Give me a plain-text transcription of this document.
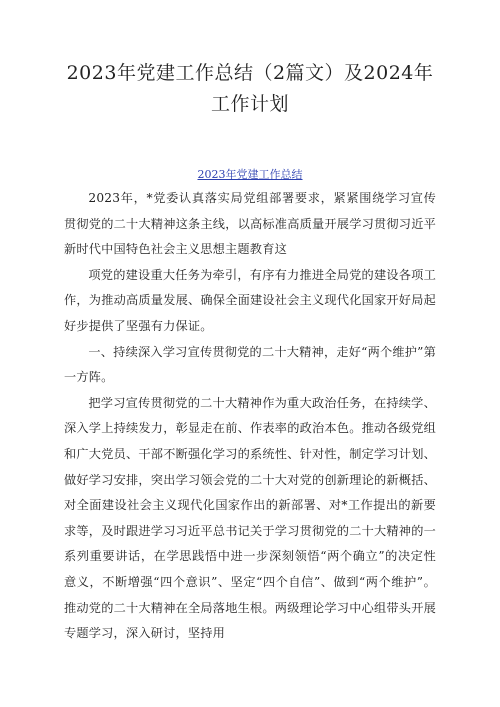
2023年党建工作总结（2篇文）及2024年
工作计划
2023年党建工作总结

2023年，*党委认真落实局党组部署要求，紧紧围绕学习宣传贯彻党的二十大精神这条主线，以高标准高质量开展学习贯彻习近平新时代中国特色社会主义思想主题教育这

项党的建设重大任务为牵引，有序有力推进全局党的建设各项工作，为推动高质量发展、确保全面建设社会主义现代化国家开好局起好步提供了坚强有力保证。

一、持续深入学习宣传贯彻党的二十大精神，走好“两个维护”第一方阵。

把学习宣传贯彻党的二十大精神作为重大政治任务，在持续学、深入学上持续发力，彰显走在前、作表率的政治本色。推动各级党组和广大党员、干部不断强化学习的系统性、针对性，制定学习计划、做好学习安排，突出学习领会党的二十大对党的创新理论的新概括、对全面建设社会主义现代化国家作出的新部署、对*工作提出的新要求等，及时跟进学习习近平总书记关于学习贯彻党的二十大精神的一系列重要讲话，在学思践悟中进一步深刻领悟“两个确立”的决定性意义，不断增强“四个意识”、坚定“四个自信”、做到“两个维护”。推动党的二十大精神在全局落地生根。两级理论学习中心组带头开展专题学习，深入研讨，坚持用
